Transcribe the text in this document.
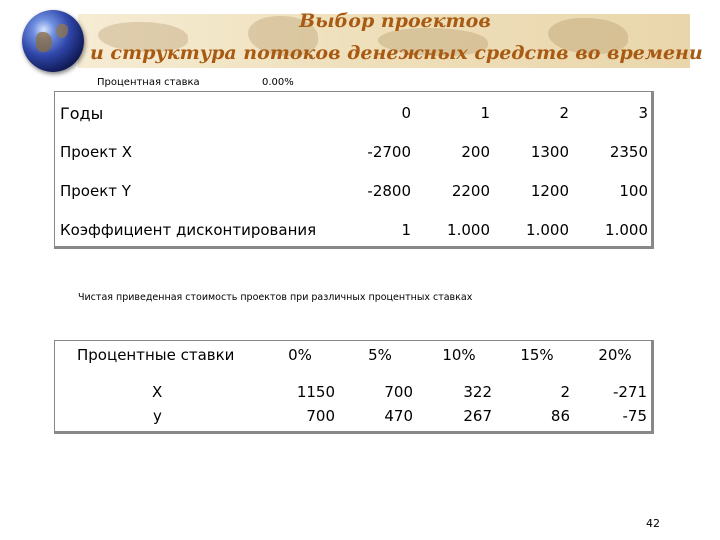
Выбор проектов
и структура потоков денежных средств во времени
Процентная ставка	0.00%
Годы	0	1	2	3
Проект X	-2700	200	1300	2350
Проект Y	-2800	2200	1200	100
Коэффициент дисконтирования	1	1.000	1.000	1.000
Чистая приведенная стоимость проектов при различных процентных ставках
Процентные ставки	0%	5%	10%	15%	20%
X	1150	700	322	2	-271
y	700	470	267	86	-75
42
